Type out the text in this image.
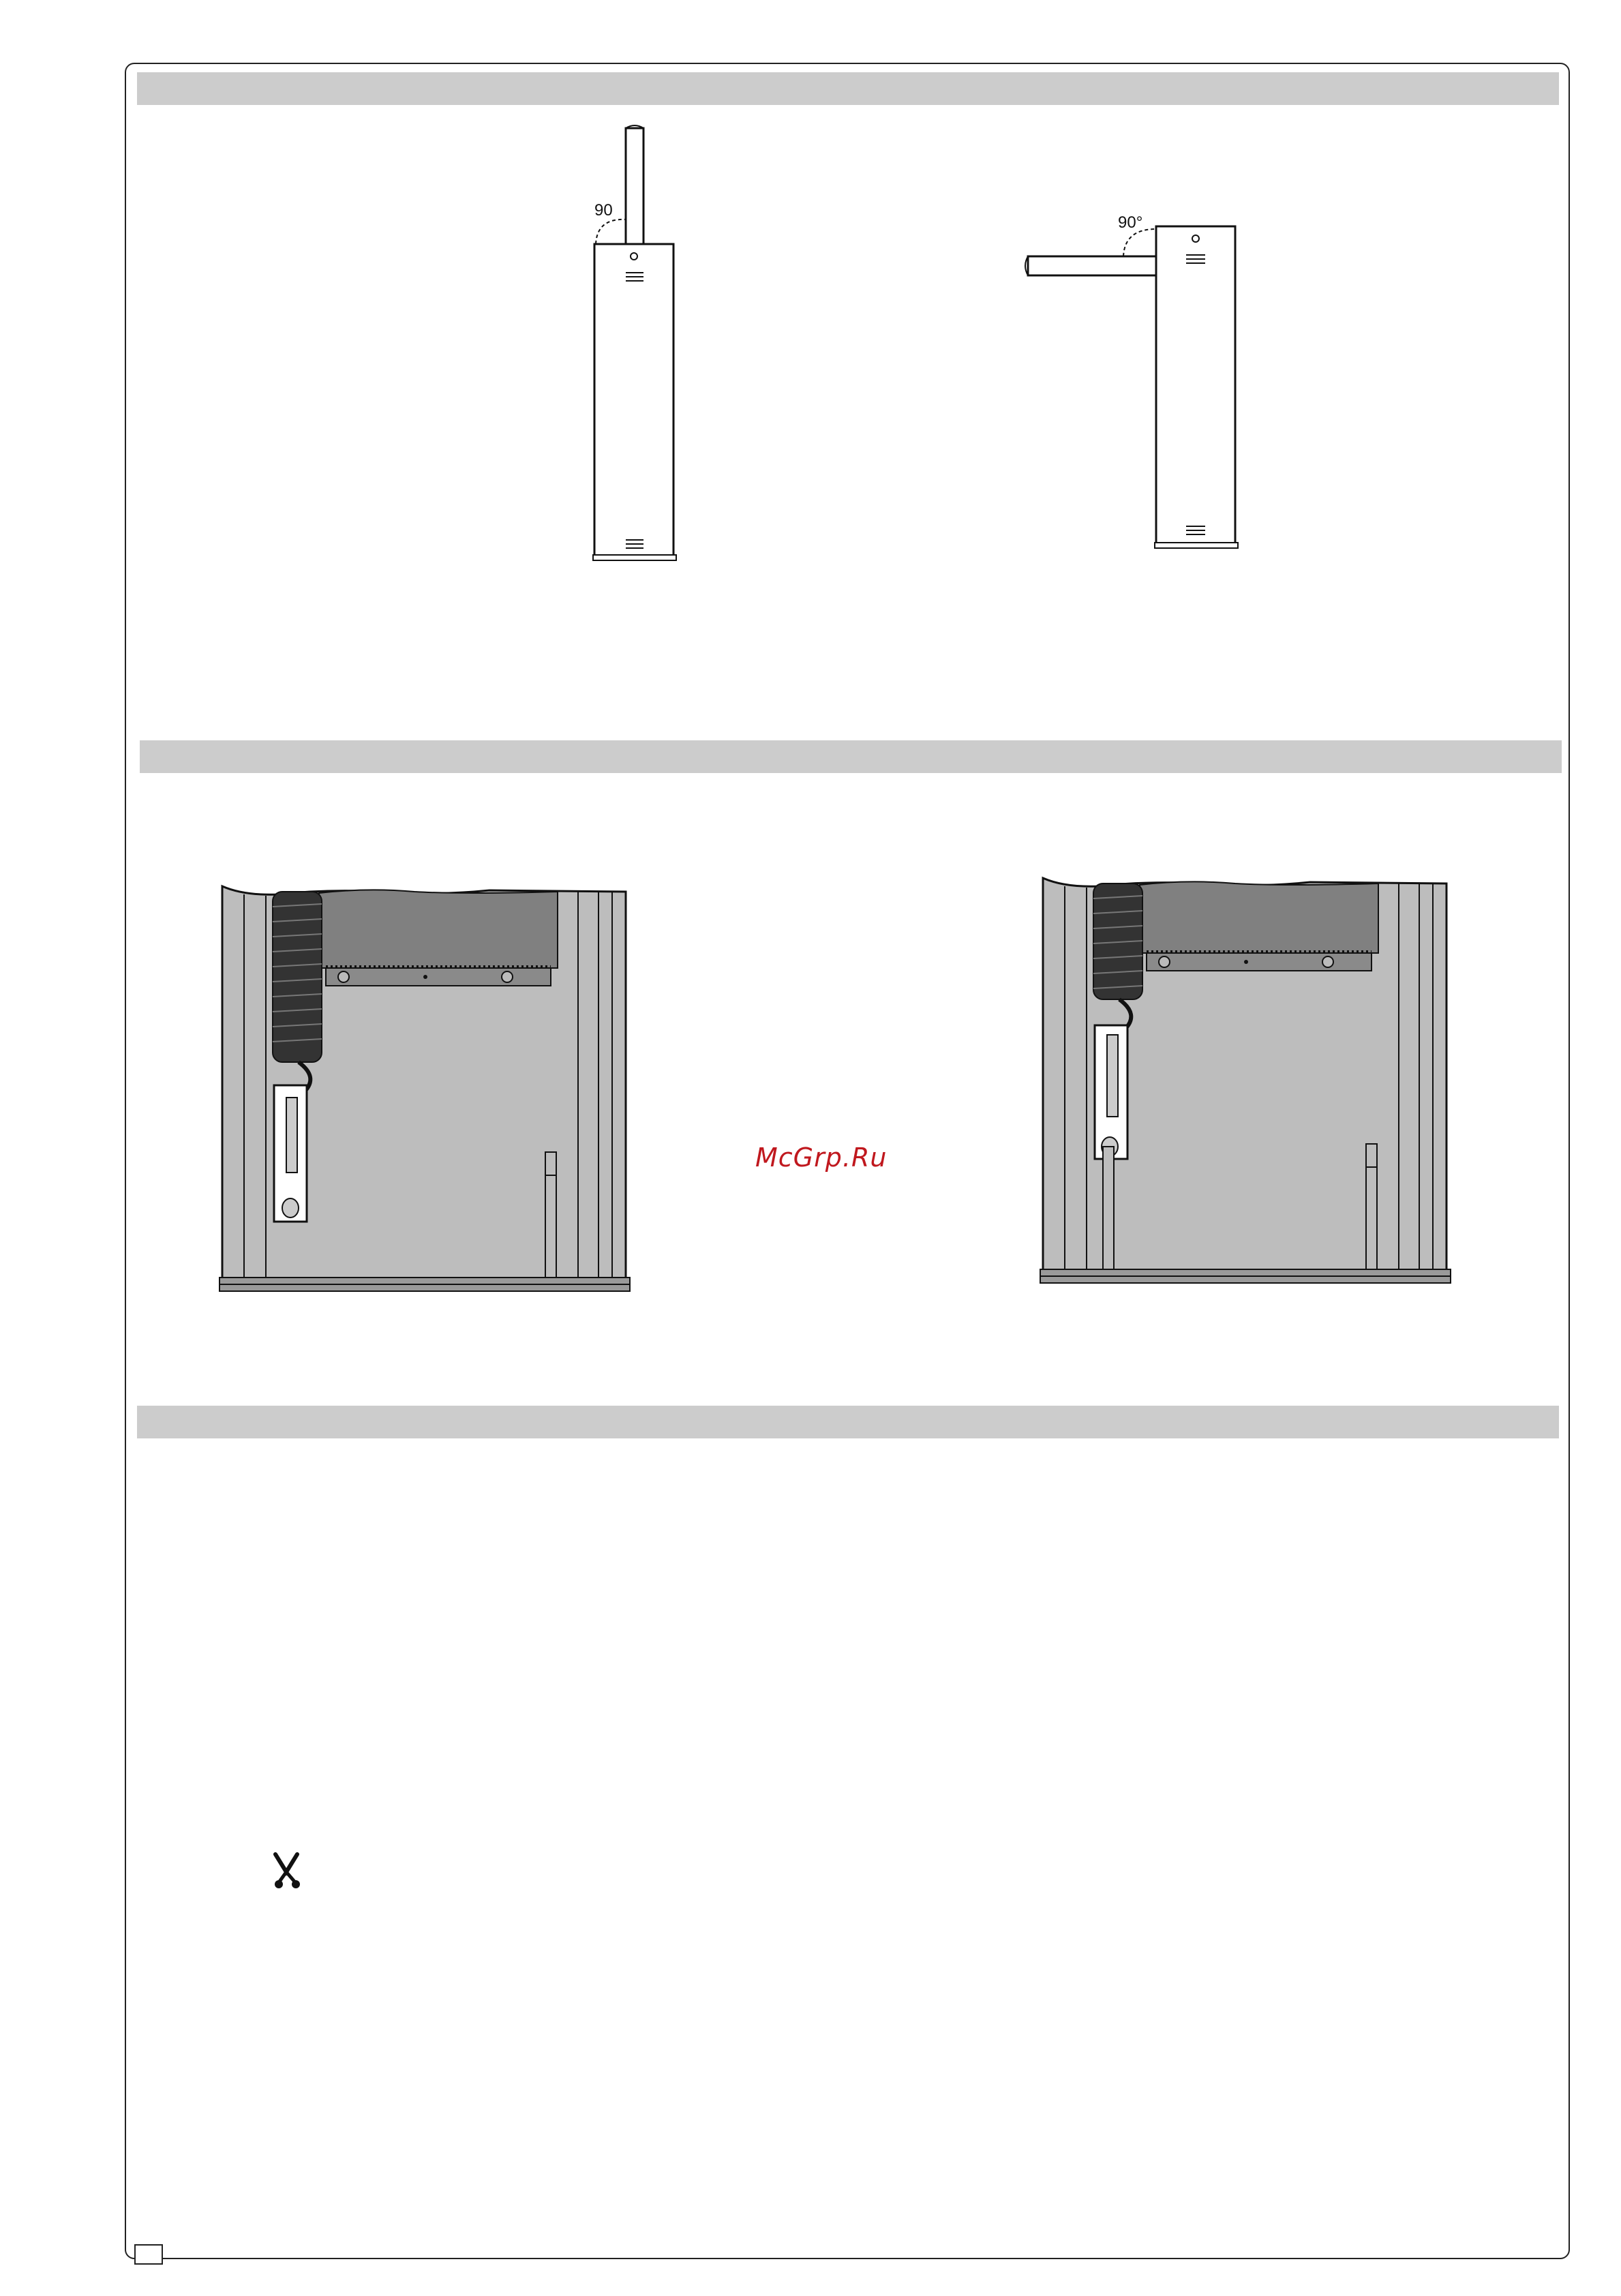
90
90°
McGrp.Ru
